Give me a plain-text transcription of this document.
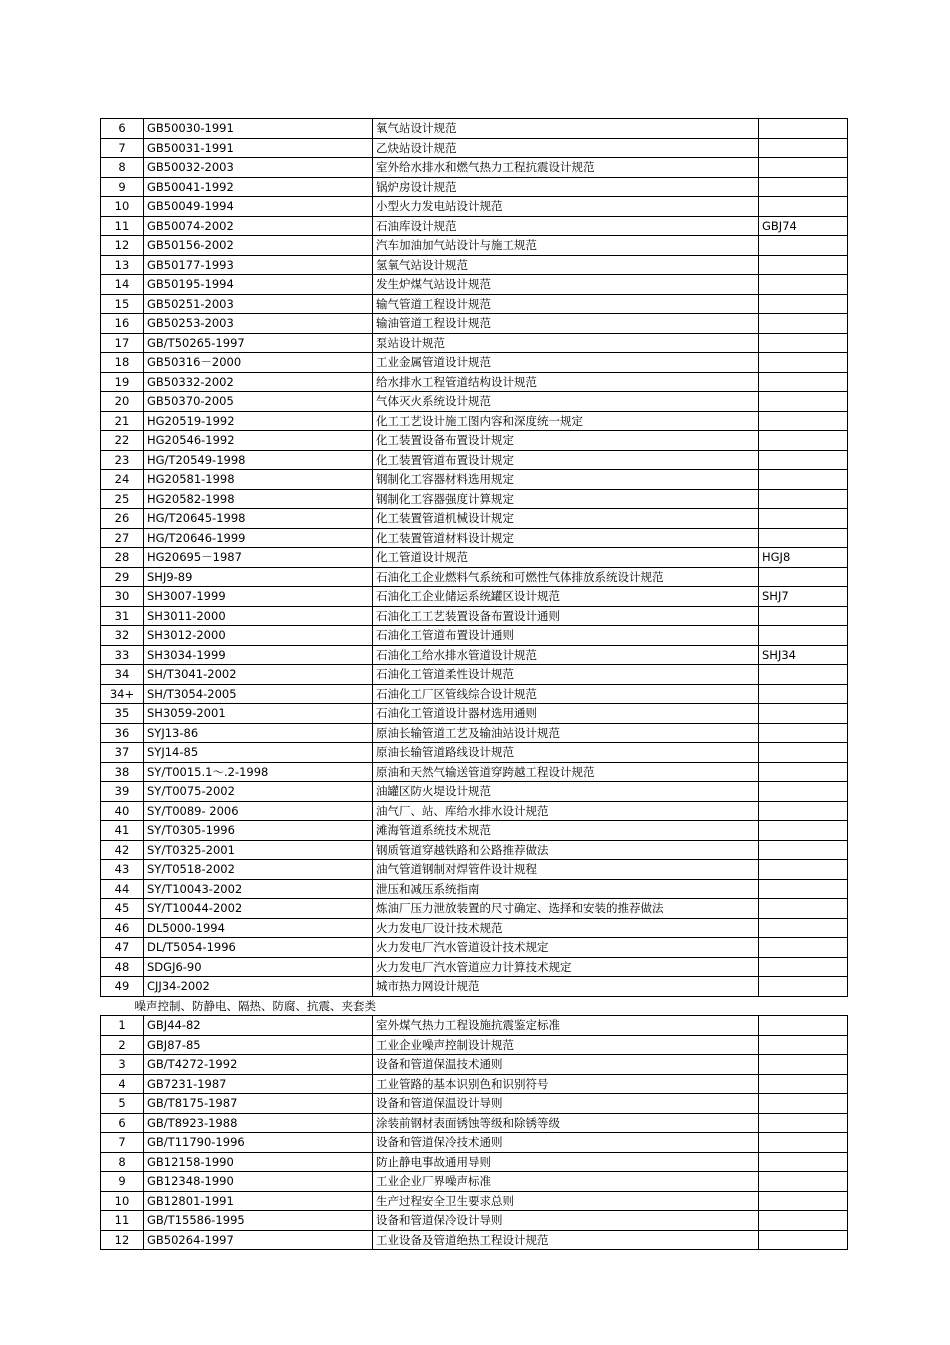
6	GB50030-1991	氧气站设计规范	
7	GB50031-1991	乙炔站设计规范	
8	GB50032-2003	室外给水排水和燃气热力工程抗震设计规范	
9	GB50041-1992	锅炉房设计规范	
10	GB50049-1994	小型火力发电站设计规范	
11	GB50074-2002	石油库设计规范	GBJ74
12	GB50156-2002	汽车加油加气站设计与施工规范	
13	GB50177-1993	氢氧气站设计规范	
14	GB50195-1994	发生炉煤气站设计规范	
15	GB50251-2003	输气管道工程设计规范	
16	GB50253-2003	输油管道工程设计规范	
17	GB/T50265-1997	泵站设计规范	
18	GB50316－2000	工业金属管道设计规范	
19	GB50332-2002	给水排水工程管道结构设计规范	
20	GB50370-2005	气体灭火系统设计规范	
21	HG20519-1992	化工工艺设计施工图内容和深度统一规定	
22	HG20546-1992	化工装置设备布置设计规定	
23	HG/T20549-1998	化工装置管道布置设计规定	
24	HG20581-1998	钢制化工容器材料选用规定	
25	HG20582-1998	钢制化工容器强度计算规定	
26	HG/T20645-1998	化工装置管道机械设计规定	
27	HG/T20646-1999	化工装置管道材料设计规定	
28	HG20695－1987	化工管道设计规范	HGJ8
29	SHJ9-89	石油化工企业燃料气系统和可燃性气体排放系统设计规范	
30	SH3007-1999	石油化工企业储运系统罐区设计规范	SHJ7
31	SH3011-2000	石油化工工艺装置设备布置设计通则	
32	SH3012-2000	石油化工管道布置设计通则	
33	SH3034-1999	石油化工给水排水管道设计规范	SHJ34
34	SH/T3041-2002	石油化工管道柔性设计规范	
34+	SH/T3054-2005	石油化工厂区管线综合设计规范	
35	SH3059-2001	石油化工管道设计器材选用通则	
36	SYJ13-86	原油长输管道工艺及输油站设计规范	
37	SYJ14-85	原油长输管道路线设计规范	
38	SY/T0015.1～.2-1998	原油和天然气输送管道穿跨越工程设计规范	
39	SY/T0075-2002	油罐区防火堤设计规范	
40	SY/T0089- 2006	油气厂、站、库给水排水设计规范	
41	SY/T0305-1996	滩海管道系统技术规范	
42	SY/T0325-2001	钢质管道穿越铁路和公路推荐做法	
43	SY/T0518-2002	油气管道钢制对焊管件设计规程	
44	SY/T10043-2002	泄压和减压系统指南	
45	SY/T10044-2002	炼油厂压力泄放装置的尺寸确定、选择和安装的推荐做法	
46	DL5000-1994	火力发电厂设计技术规范	
47	DL/T5054-1996	火力发电厂汽水管道设计技术规定	
48	SDGJ6-90	火力发电厂汽水管道应力计算技术规定	
49	CJJ34-2002	城市热力网设计规范	
噪声控制、防静电、隔热、防腐、抗震、夹套类			
1	GBJ44-82	室外煤气热力工程设施抗震鉴定标准	
2	GBJ87-85	工业企业噪声控制设计规范	
3	GB/T4272-1992	设备和管道保温技术通则	
4	GB7231-1987	工业管路的基本识别色和识别符号	
5	GB/T8175-1987	设备和管道保温设计导则	
6	GB/T8923-1988	涂装前钢材表面锈蚀等级和除锈等级	
7	GB/T11790-1996	设备和管道保冷技术通则	
8	GB12158-1990	防止静电事故通用导则	
9	GB12348-1990	工业企业厂界噪声标准	
10	GB12801-1991	生产过程安全卫生要求总则	
11	GB/T15586-1995	设备和管道保冷设计导则	
12	GB50264-1997	工业设备及管道绝热工程设计规范	
